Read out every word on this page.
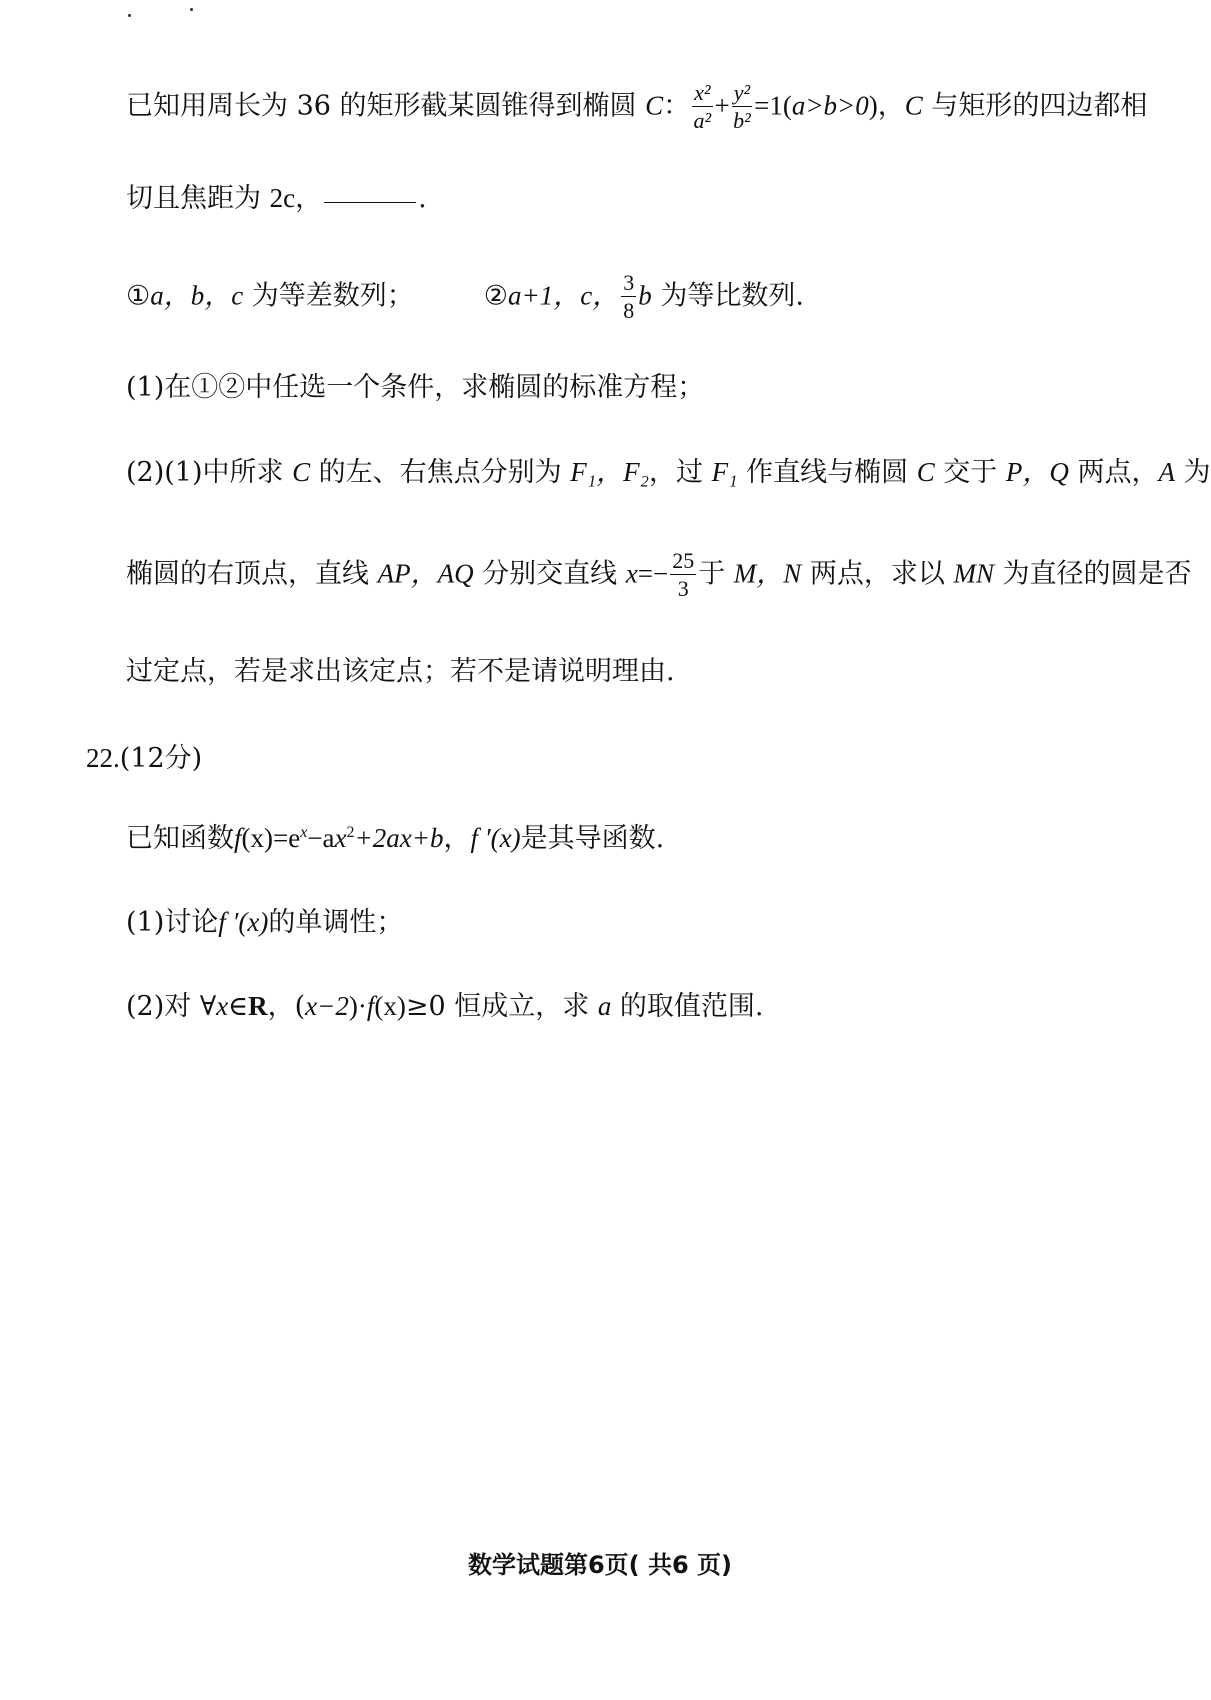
已知用周长为 36 的矩形截某圆锥得到椭圆 C： $\frac{\text{x²}}{\text{a²}} + \frac{\text{y²}}{\text{b²}} =1(a>b>0)$，C 与矩形的四边都相
切且焦距为 2c，	.
①a，b，c 为等差数列；	②a+1，c， $\frac{3}{8}$ b 为等比数列.
(1)在①②中任选一个条件，求椭圆的标准方程；
(2)(1)中所求 C 的左、右焦点分别为 F₁，F₂，过 F₁ 作直线与椭圆 C 交于 P，Q 两点，A 为
椭圆的右顶点，直线 AP，AQ 分别交直线 $x=- \frac{25}{3}$ 于 M，N 两点，求以 MN 为直径的圆是否
过定点，若是求出该定点；若不是请说明理由.
22.(12分)
已知函数$f(x)=e^x-ax^2+2ax+b$，f ′(x)是其导函数.
(1)讨论f ′(x)的单调性；
(2)对 ∀x∈R，(x−2)·f(x)≥0 恒成立，求 a 的取值范围.
数学试题第6页( 共6 页)
